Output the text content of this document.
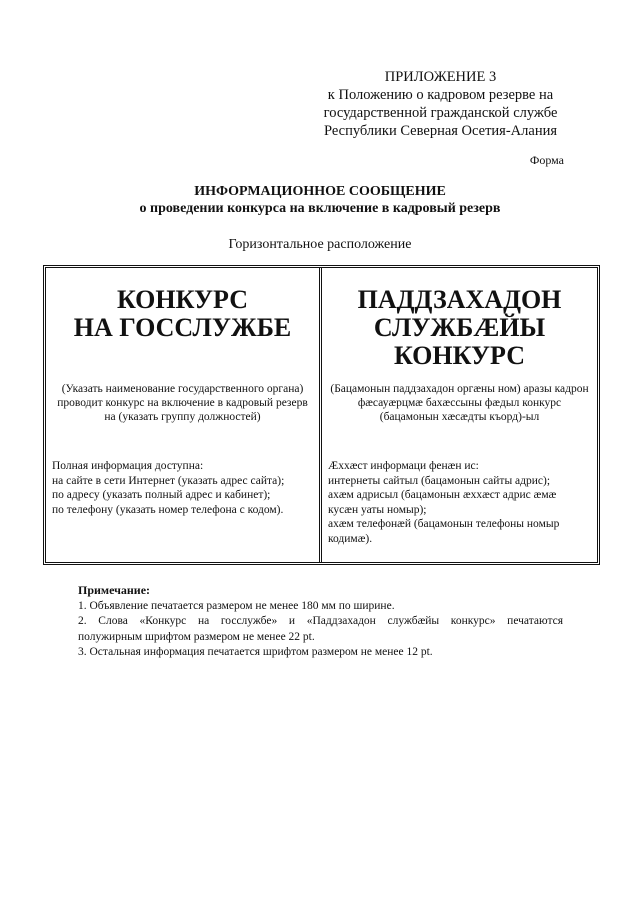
ПРИЛОЖЕНИЕ 3
к Положению о кадровом резерве на
государственной гражданской службе
Республики Северная Осетия-Алания
Форма
ИНФОРМАЦИОННОЕ СООБЩЕНИЕ
о проведении конкурса на включение в кадровый резерв
Горизонтальное расположение
КОНКУРС
НА ГОССЛУЖБЕ
(Указать наименование государственного органа) проводит конкурс на включение в кадровый резерв на (указать группу должностей)
Полная информация доступна:
на сайте в сети Интернет (указать адрес сайта);
по адресу (указать полный адрес и кабинет);
по телефону (указать номер телефона с кодом).
ПАДДЗАХАДОН
СЛУЖБÆЙЫ
КОНКУРС
(Бацамонын паддзахадон оргæны ном) аразы кадрон фæсауæрцмæ бахæссыны фæдыл конкурс (бацамонын хæсæдты къорд)-ыл
Æххæст информаци фенæн ис:
интернеты сайтыл (бацамонын сайты адрис);
ахæм адрисыл (бацамонын æххæст адрис æмæ
кусæн уаты номыр);
ахæм телефонæй (бацамонын телефоны номыр
кодимæ).
Примечание:
1. Объявление печатается размером не менее 180 мм по ширине.
2. Слова «Конкурс на госслужбе» и «Паддзахадон службæйы конкурс» печатаются
полужирным шрифтом размером не менее 22 pt.
3. Остальная информация печатается шрифтом размером не менее 12 pt.
